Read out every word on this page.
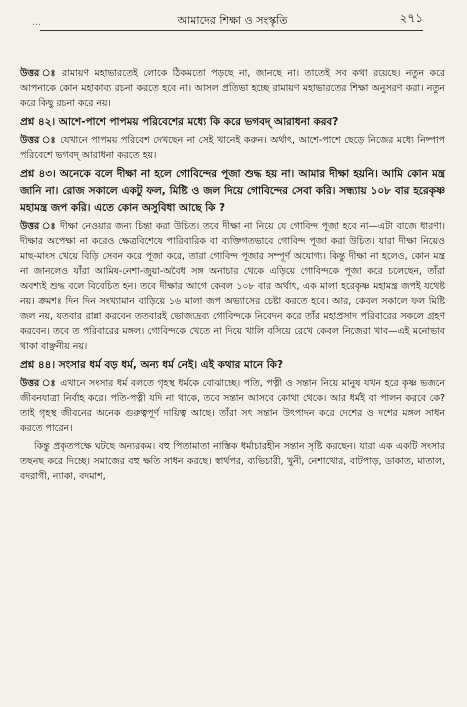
…	আমাদের শিক্ষা ও সংস্কৃতি	২৭১

উত্তর ঃ রামায়ণ মহাভারতেই লোকে ঠিকমতো পড়ছে না, জানছে না। তাতেই সব কথা রয়েছে। নতুন করে আপনাকে কোন মহাকাব্য রচনা করতে হবে না। আসল প্রতিভা হচ্ছে রামায়ণ মহাভারতের শিক্ষা অনুসরণ করা। নতুন করে কিছু রচনা করে নয়।

প্রশ্ন ৪২। আশে-পাশে পাপময় পরিবেশের মধ্যে কি করে ভগবদ্ আরাধনা করব?

উত্তর ঃ যেখানে পাপময় পরিবেশ দেখছেন না সেই খানেই করুন। অর্থাৎ, আশে-পাশে ছেড়ে নিজের মধ্যে নিষ্পাপ পরিবেশে ভগবদ্ আরাধনা করতে হয়।

প্রশ্ন ৪৩। অনেকে বলে দীক্ষা না হলে গোবিন্দের পূজা শুদ্ধ হয় না। আমার দীক্ষা হয়নি। আমি কোন মন্ত্র জানি না। রোজ সকালে একটু ফল, মিষ্টি ও জল দিয়ে গোবিন্দের সেবা করি। সন্ধ্যায় ১০৮ বার হরেকৃষ্ণ মহামন্ত্র জপ করি। এতে কোন অসুবিধা আছে কি ?

উত্তর ঃ দীক্ষা নেওয়ার জন্য চিন্তা করা উচিত। তবে দীক্ষা না নিয়ে যে গোবিন্দ পূজা হবে না—এটা বাজে ধারণা। দীক্ষার অপেক্ষা না করেও ক্ষেত্রবিশেষে পারিবারিক বা ব্যক্তিগতভাবে গোবিন্দ পূজা করা উচিত। যারা দীক্ষা নিয়েও মাছ-মাংস খেয়ে বিড়ি সেবন করে পূজা করে, তারা গোবিন্দ পূজার সম্পূর্ণ অযোগ্য। কিন্তু দীক্ষা না হলেও, কোন মন্ত্র না জানলেও যাঁরা আমিষ-নেশা-জুয়া-অবৈধ সঙ্গ অনাচার থেকে এড়িয়ে গোবিন্দকে পূজা করে চলেছেন, তাঁরা অবশ্যই শুদ্ধ বলে বিবেচিত হন। তবে দীক্ষার আগে কেবল ১০৮ বার অর্থাৎ, এক মালা হরেকৃষ্ণ মহামন্ত্র জপই যথেষ্ট নয়। ক্রমশঃ দিন দিন সংখ্যামান বাড়িয়ে ১৬ মালা জপ অভ্যাসের চেষ্টা করতে হবে। আর, কেবল সকালে ফল মিষ্টি জল নয়, যতবার রান্না করবেন ততবারই ভোজ্যদ্রব্য গোবিন্দকে নিবেদন করে তাঁর মহাপ্রসাদ পরিবারের সকলে গ্রহণ করবেন। তবে ত পরিবারের মঙ্গল। গোবিন্দকে খেতে না দিয়ে খালি বসিয়ে রেখে কেবল নিজেরা খাব—এই মনোভাব থাকা বাঞ্ছনীয় নয়।

প্রশ্ন ৪৪। সংসার ধর্ম বড় ধর্ম, অন্য ধর্ম নেই। এই কথার মানে কি?

উত্তর ঃ এখানে সংসার ধর্ম বলতে গৃহস্থ ধর্মকে বোঝাচ্ছে। পতি, পত্নী ও সন্তান নিয়ে মানুষ যখন হরে কৃষ্ণ ভজনে জীবনযাত্রা নির্বাহ করে। পতি-পত্নী যদি না থাকে, তবে সন্তান আসবে কোথা থেকে। আর ধর্মই বা পালন করবে কে? তাই গৃহস্থ জীবনের অনেক গুরুত্বপূর্ণ দায়িত্ব আছে। তাঁরা সৎ সন্তান উৎপাদন করে দেশের ও দশের মঙ্গল সাধন করতে পারেন।

কিন্তু প্রকৃতপক্ষে ঘটছে অন্যরকম। বহু পিতামাতা নাস্তিক ধর্মাচারহীন সন্তান সৃষ্টি করছেন। যারা এক একটি সংসার তছনছ করে দিচ্ছে। সমাজের বহু ক্ষতি সাধন করছে। স্বার্থপর, ব্যভিচারী, খুনী, নেশাখোর, বাটপাড়, ডাকাত, মাতাল, বদরাগী, ন্যাকা, বদমাশ,
